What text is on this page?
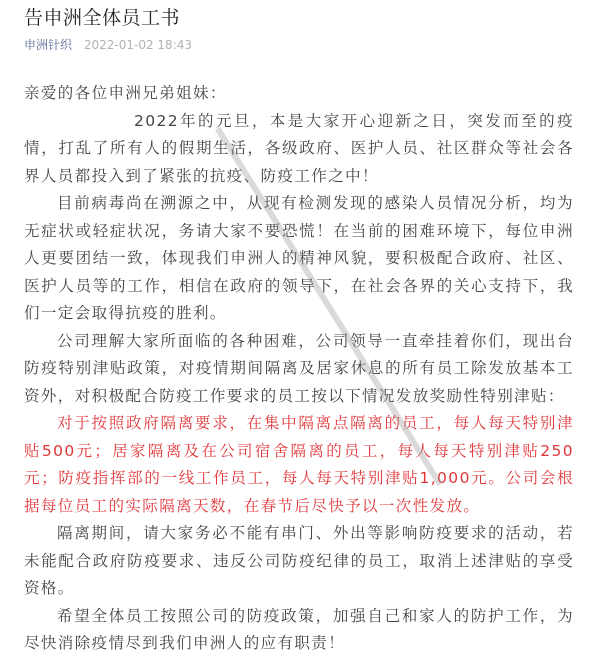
告申洲全体员工书
申洲针织 2022-01-02 18:43

亲爱的各位申洲兄弟姐妹：

2022年的元旦，本是大家开心迎新之日，突发而至的疫情，打乱了所有人的假期生活，各级政府、医护人员、社区群众等社会各界人员都投入到了紧张的抗疫、防疫工作之中！

目前病毒尚在溯源之中，从现有检测发现的感染人员情况分析，均为无症状或轻症状况，务请大家不要恐慌！在当前的困难环境下，每位申洲人更要团结一致，体现我们申洲人的精神风貌，要积极配合政府、社区、医护人员等的工作，相信在政府的领导下，在社会各界的关心支持下，我们一定会取得抗疫的胜利。

公司理解大家所面临的各种困难，公司领导一直牵挂着你们，现出台防疫特别津贴政策，对疫情期间隔离及居家休息的所有员工除发放基本工资外，对积极配合防疫工作要求的员工按以下情况发放奖励性特别津贴：

对于按照政府隔离要求，在集中隔离点隔离的员工，每人每天特别津贴500元；居家隔离及在公司宿舍隔离的员工，每人每天特别津贴250元；防疫指挥部的一线工作员工，每人每天特别津贴1,000元。公司会根据每位员工的实际隔离天数，在春节后尽快予以一次性发放。

隔离期间，请大家务必不能有串门、外出等影响防疫要求的活动，若未能配合政府防疫要求、违反公司防疫纪律的员工，取消上述津贴的享受资格。

希望全体员工按照公司的防疫政策，加强自己和家人的防护工作，为尽快消除疫情尽到我们申洲人的应有职责！
